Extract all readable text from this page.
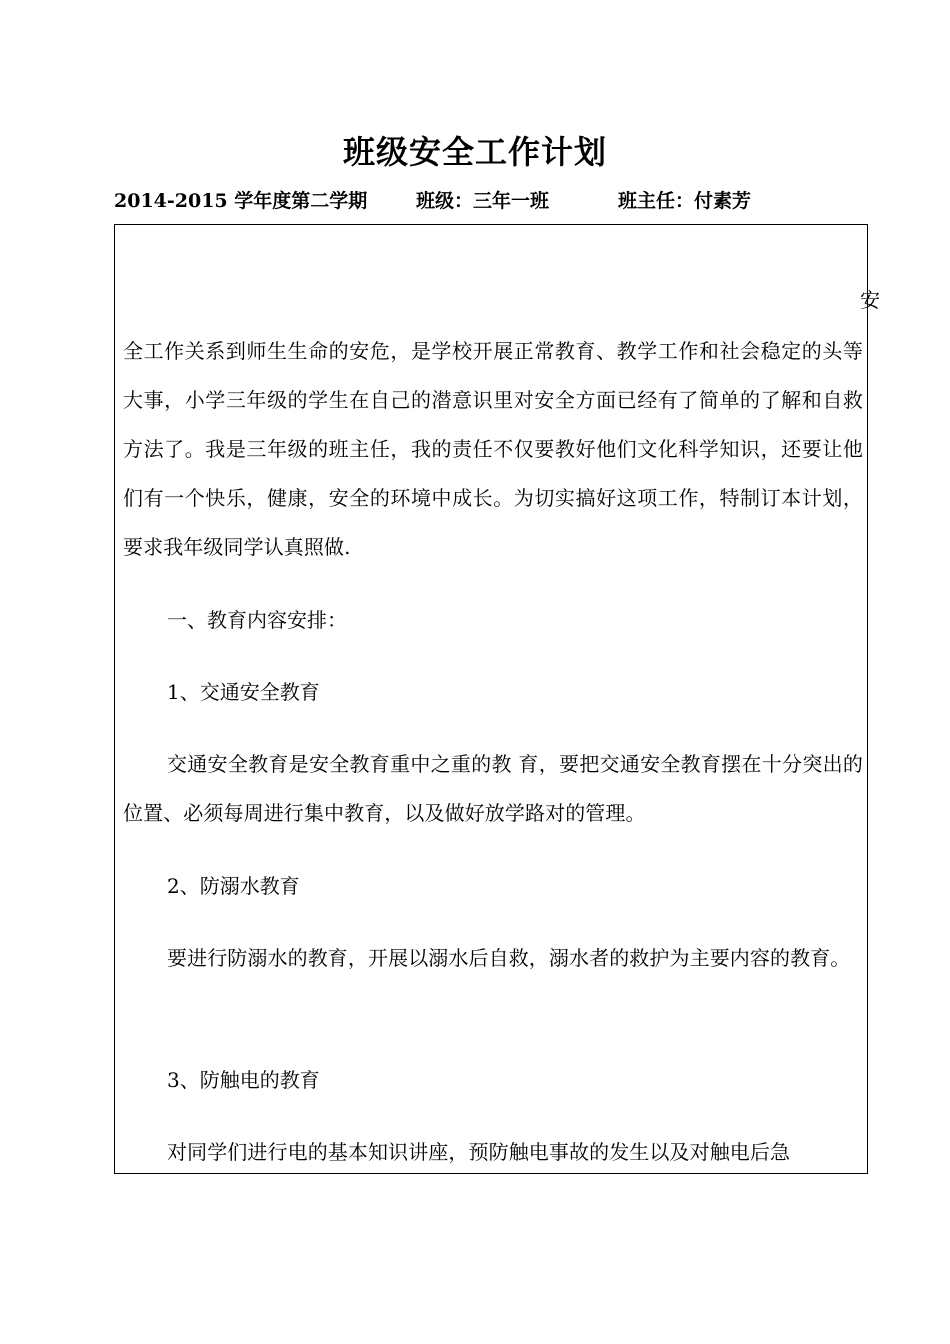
班级安全工作计划
2014-2015 学年度第二学期	班级：三年一班	班主任：付素芳
安
全工作关系到师生生命的安危，是学校开展正常教育、教学工作和社会稳定的头等大事，小学三年级的学生在自己的潜意识里对安全方面已经有了简单的了解和自救方法了。我是三年级的班主任，我的责任不仅要教好他们文化科学知识，还要让他们有一个快乐，健康，安全的环境中成长。为切实搞好这项工作，特制订本计划，要求我年级同学认真照做.
一、教育内容安排：
1、交通安全教育
交通安全教育是安全教育重中之重的教 育，要把交通安全教育摆在十分突出的位置、必须每周进行集中教育，以及做好放学路对的管理。
2、防溺水教育
要进行防溺水的教育，开展以溺水后自救，溺水者的救护为主要内容的教育。
3、防触电的教育
对同学们进行电的基本知识讲座，预防触电事故的发生以及对触电后急
